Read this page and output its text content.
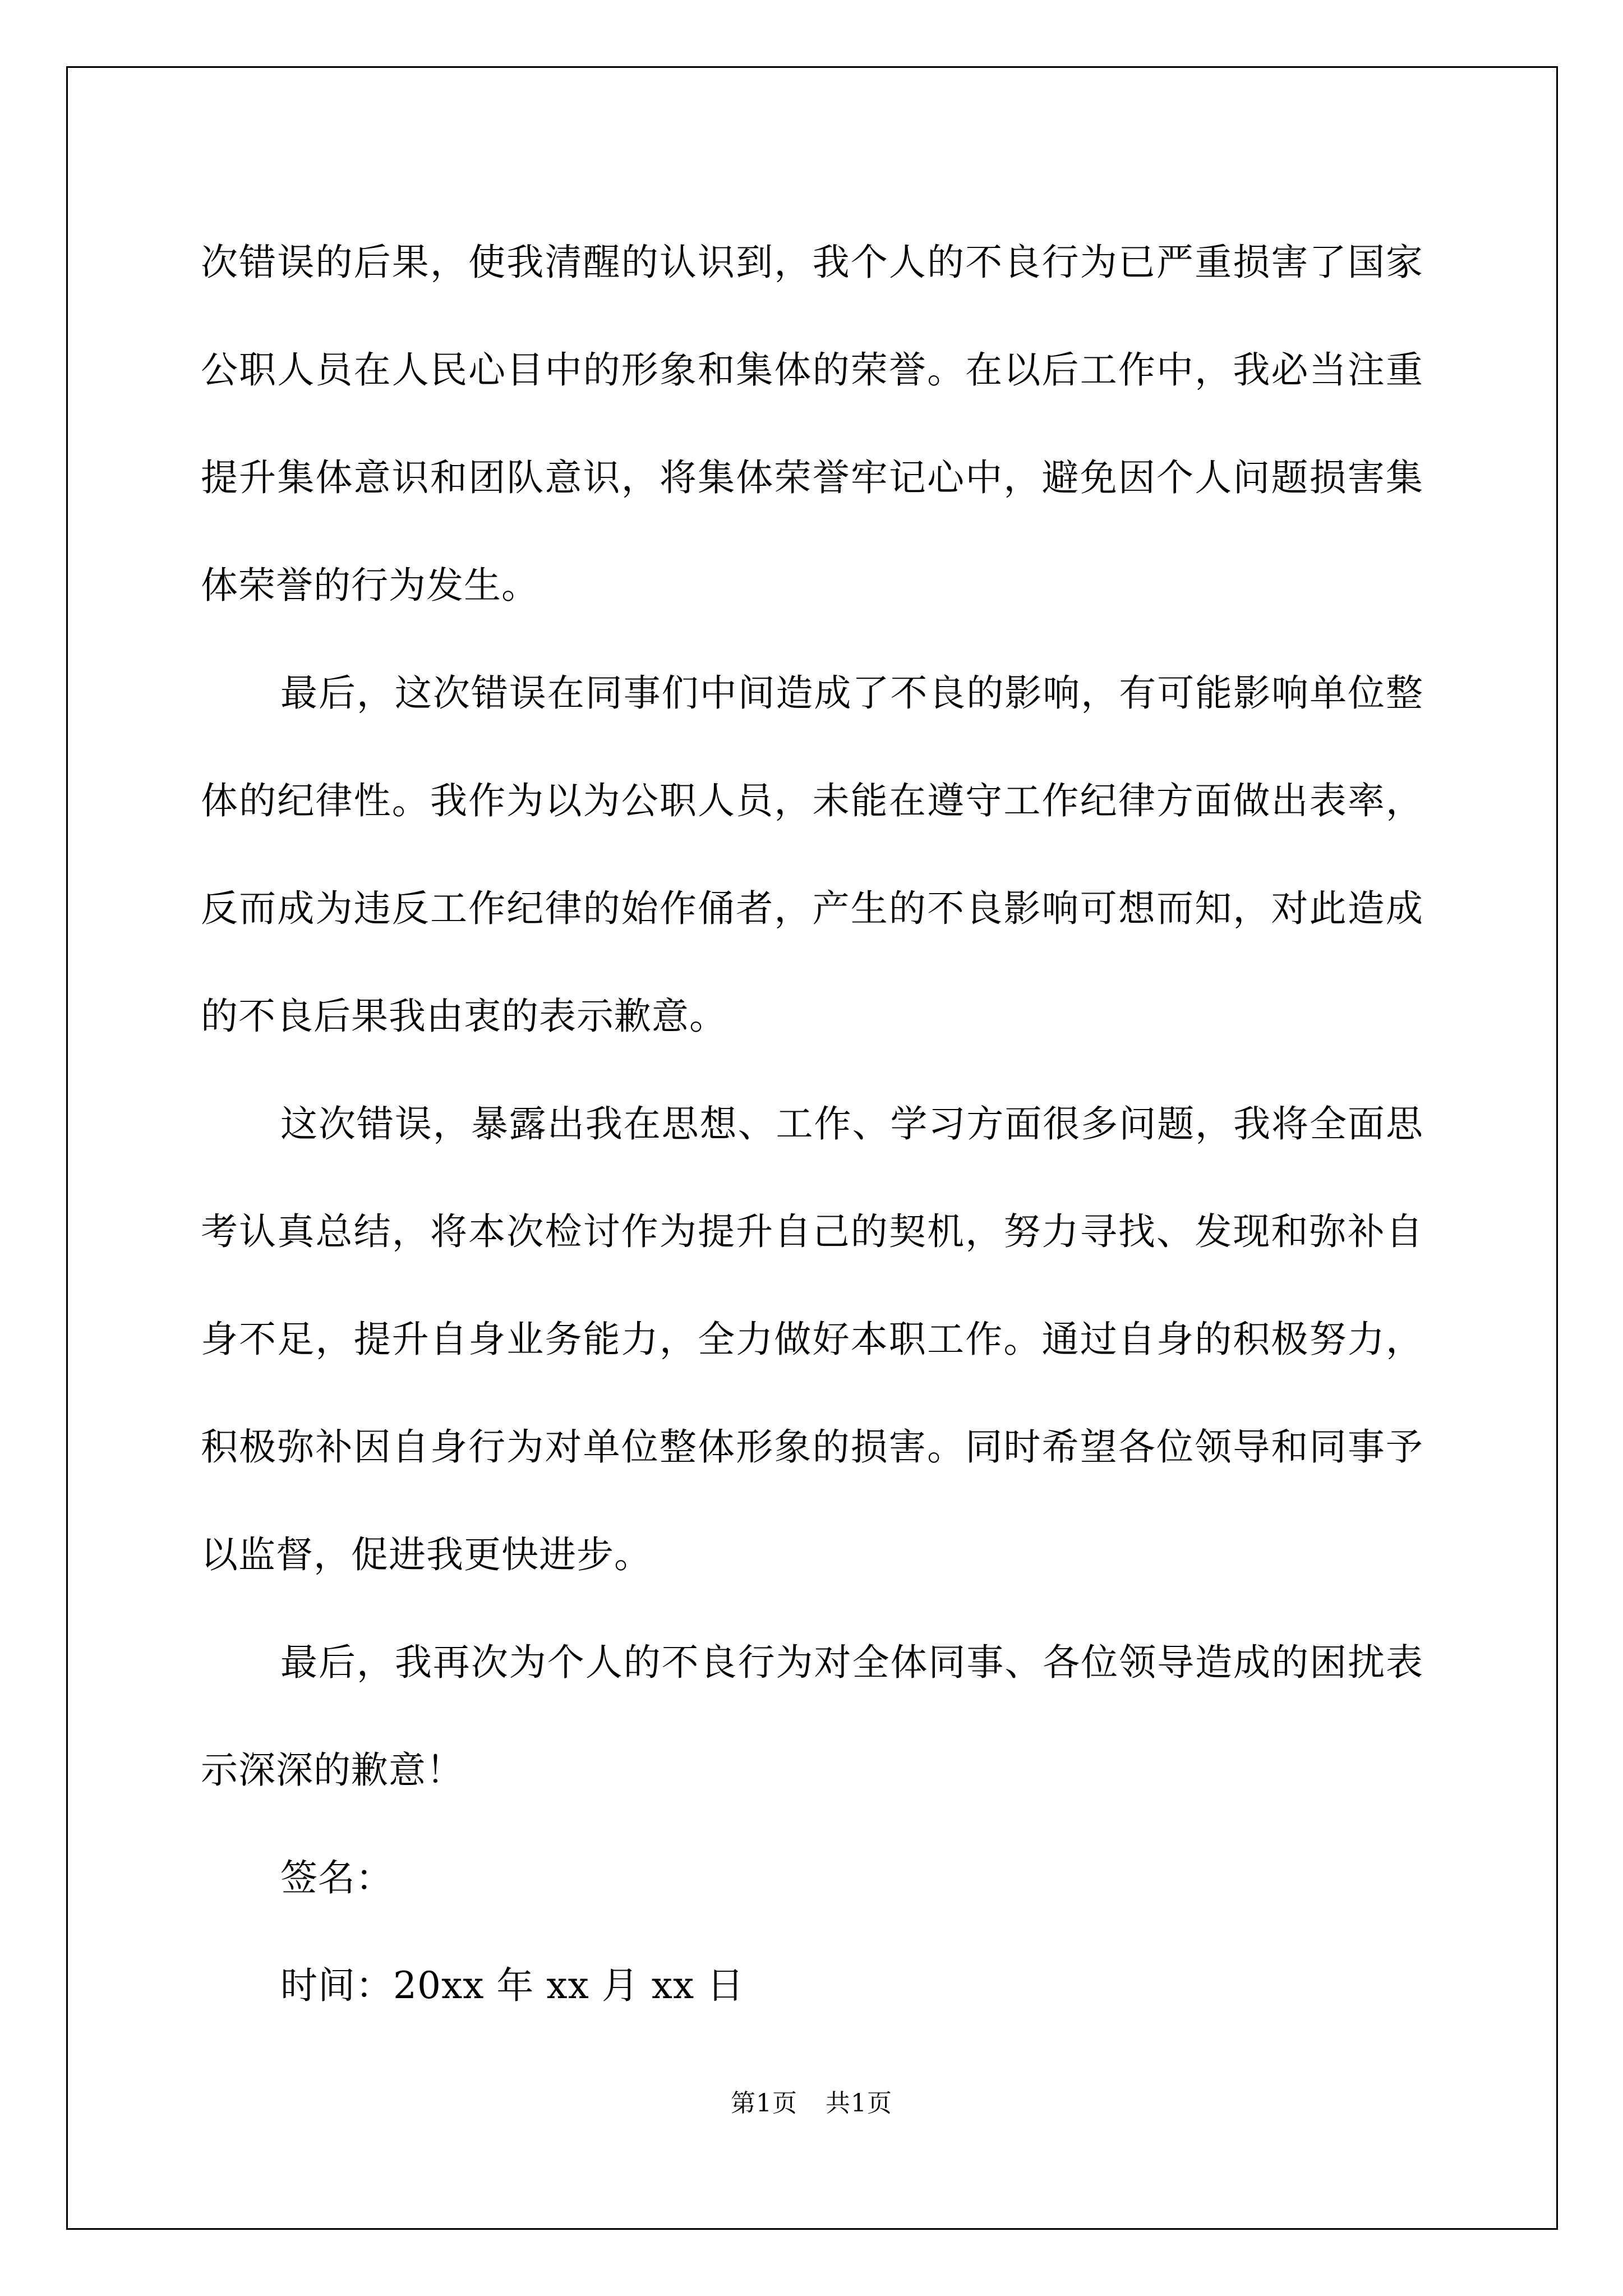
次错误的后果，使我清醒的认识到，我个人的不良行为已严重损害了国家公职人员在人民心目中的形象和集体的荣誉。在以后工作中，我必当注重提升集体意识和团队意识，将集体荣誉牢记心中，避免因个人问题损害集体荣誉的行为发生。

最后，这次错误在同事们中间造成了不良的影响，有可能影响单位整体的纪律性。我作为以为公职人员，未能在遵守工作纪律方面做出表率，反而成为违反工作纪律的始作俑者，产生的不良影响可想而知，对此造成的不良后果我由衷的表示歉意。

这次错误，暴露出我在思想、工作、学习方面很多问题，我将全面思考认真总结，将本次检讨作为提升自己的契机，努力寻找、发现和弥补自身不足，提升自身业务能力，全力做好本职工作。通过自身的积极努力，积极弥补因自身行为对单位整体形象的损害。同时希望各位领导和同事予以监督，促进我更快进步。

最后，我再次为个人的不良行为对全体同事、各位领导造成的困扰表示深深的歉意！

签名：

时间：20xx 年 xx 月 xx 日

第1页 共1页
